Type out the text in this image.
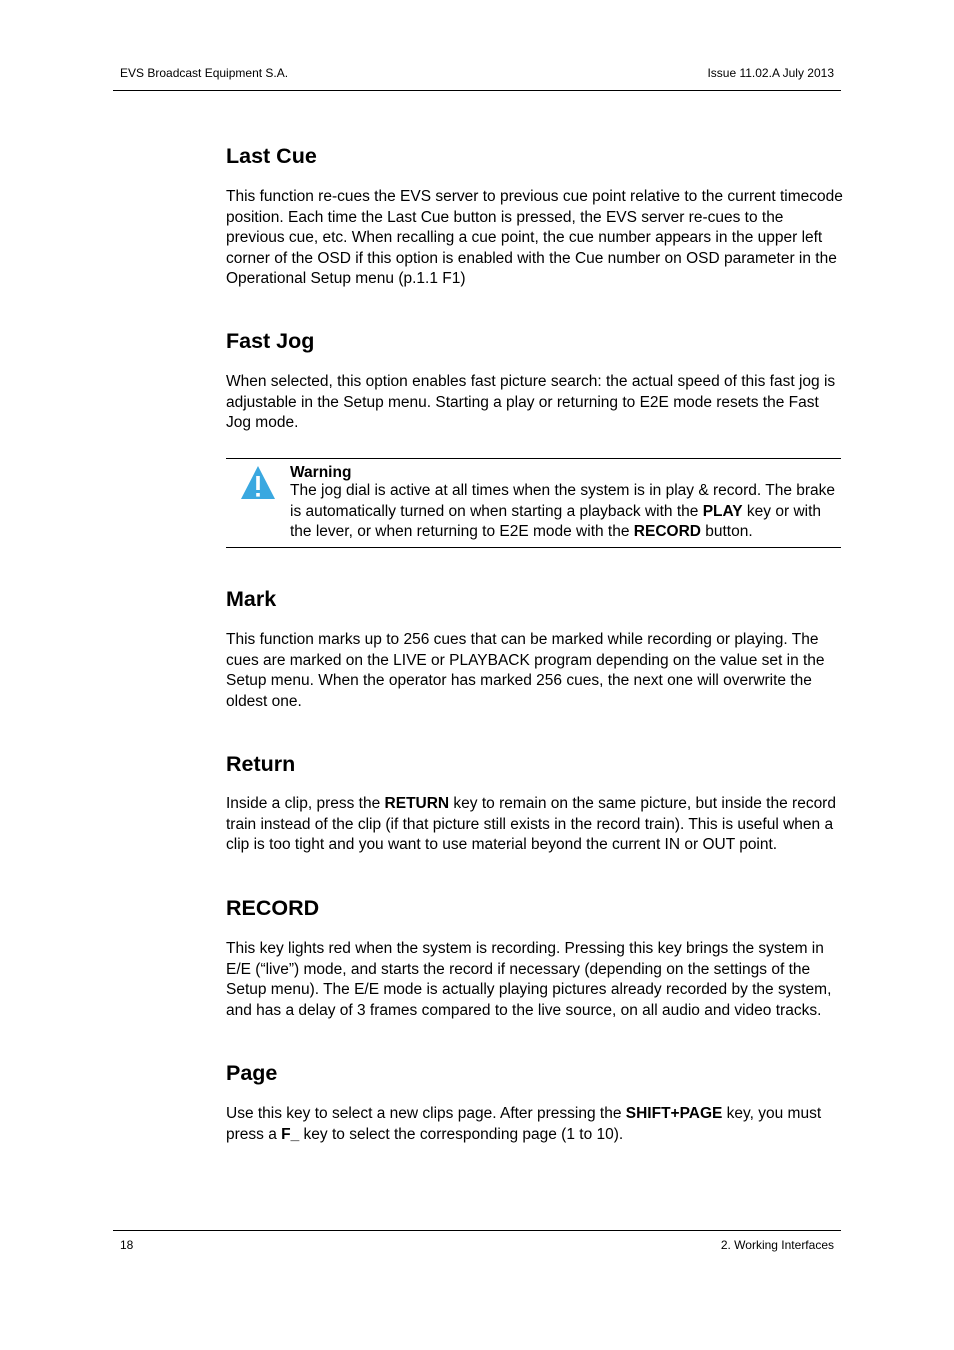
EVS Broadcast Equipment S.A.	Issue 11.02.A July 2013
Last Cue

This function re-cues the EVS server to previous cue point relative to the current timecode position. Each time the Last Cue button is pressed, the EVS server re-cues to the previous cue, etc. When recalling a cue point, the cue number appears in the upper left corner of the OSD if this option is enabled with the Cue number on OSD parameter in the Operational Setup menu (p.1.1 F1)

Fast Jog

When selected, this option enables fast picture search: the actual speed of this fast jog is adjustable in the Setup menu. Starting a play or returning to E2E mode resets the Fast Jog mode.

Warning
The jog dial is active at all times when the system is in play & record. The brake is automatically turned on when starting a playback with the PLAY key or with the lever, or when returning to E2E mode with the RECORD button.
Mark

This function marks up to 256 cues that can be marked while recording or playing. The cues are marked on the LIVE or PLAYBACK program depending on the value set in the Setup menu. When the operator has marked 256 cues, the next one will overwrite the oldest one.

Return

Inside a clip, press the RETURN key to remain on the same picture, but inside the record train instead of the clip (if that picture still exists in the record train). This is useful when a clip is too tight and you want to use material beyond the current IN or OUT point.

RECORD

This key lights red when the system is recording. Pressing this key brings the system in E/E (“live”) mode, and starts the record if necessary (depending on the settings of the Setup menu). The E/E mode is actually playing pictures already recorded by the system, and has a delay of 3 frames compared to the live source, on all audio and video tracks.

Page

Use this key to select a new clips page. After pressing the SHIFT+PAGE key, you must press a F_ key to select the corresponding page (1 to 10).

18	2. Working Interfaces
